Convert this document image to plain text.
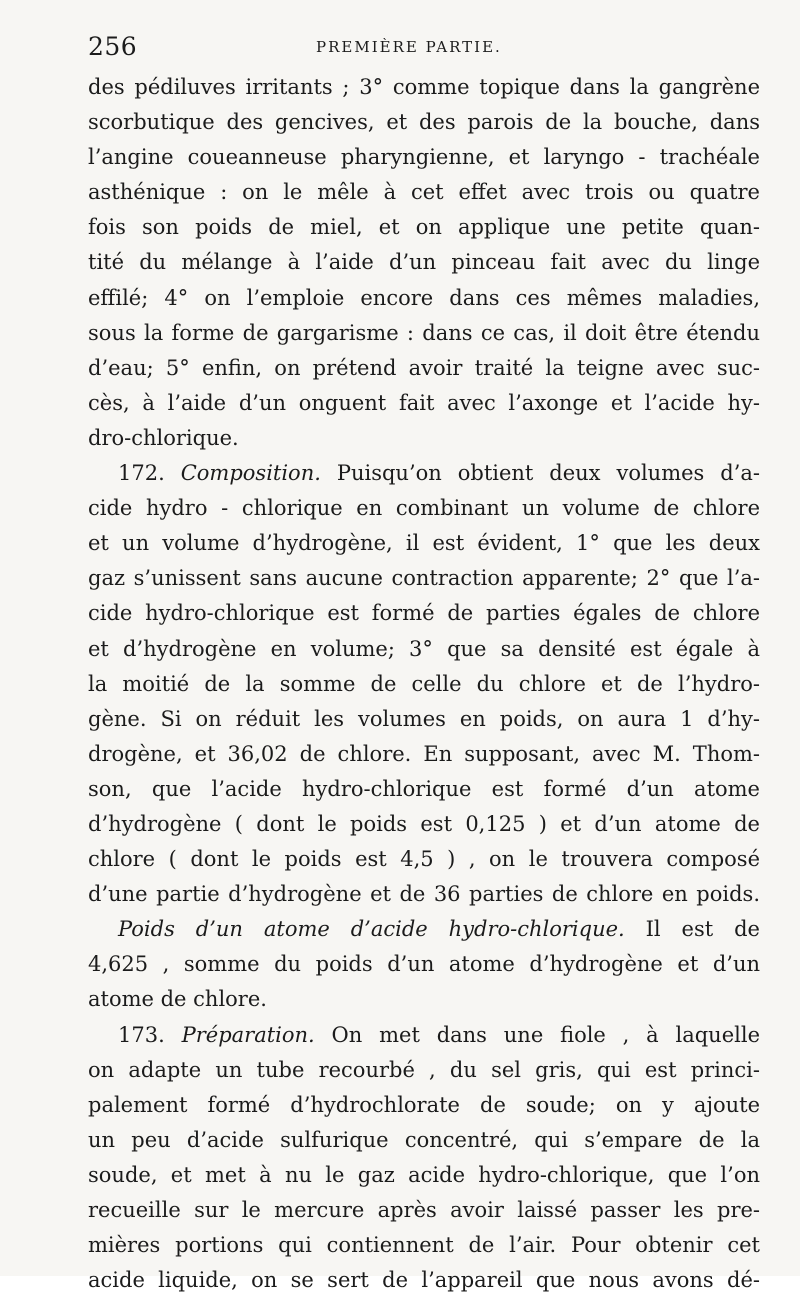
256	PREMIÈRE PARTIE.
des pédiluves irritants ; 3° comme topique dans la gangrène
scorbutique des gencives, et des parois de la bouche, dans
l’angine coueanneuse pharyngienne, et laryngo - trachéale
asthénique : on le mêle à cet effet avec trois ou quatre
fois son poids de miel, et on applique une petite quan-
tité du mélange à l’aide d’un pinceau fait avec du linge
effilé; 4° on l’emploie encore dans ces mêmes maladies,
sous la forme de gargarisme : dans ce cas, il doit être étendu
d’eau; 5° enfin, on prétend avoir traité la teigne avec suc-
cès, à l’aide d’un onguent fait avec l’axonge et l’acide hy-
dro-chlorique.
172. Composition. Puisqu’on obtient deux volumes d’a-
cide hydro - chlorique en combinant un volume de chlore
et un volume d’hydrogène, il est évident, 1° que les deux
gaz s’unissent sans aucune contraction apparente; 2° que l’a-
cide hydro-chlorique est formé de parties égales de chlore
et d’hydrogène en volume; 3° que sa densité est égale à
la moitié de la somme de celle du chlore et de l’hydro-
gène. Si on réduit les volumes en poids, on aura 1 d’hy-
drogène, et 36,02 de chlore. En supposant, avec M. Thom-
son, que l’acide hydro-chlorique est formé d’un atome
d’hydrogène ( dont le poids est 0,125 ) et d’un atome de
chlore ( dont le poids est 4,5 ) , on le trouvera composé
d’une partie d’hydrogène et de 36 parties de chlore en poids.
Poids d’un atome d’acide hydro-chlorique. Il est de
4,625 , somme du poids d’un atome d’hydrogène et d’un
atome de chlore.
173. Préparation. On met dans une fiole , à laquelle
on adapte un tube recourbé , du sel gris, qui est princi-
palement formé d’hydrochlorate de soude; on y ajoute
un peu d’acide sulfurique concentré, qui s’empare de la
soude, et met à nu le gaz acide hydro-chlorique, que l’on
recueille sur le mercure après avoir laissé passer les pre-
mières portions qui contiennent de l’air. Pour obtenir cet
acide liquide, on se sert de l’appareil que nous avons dé-
